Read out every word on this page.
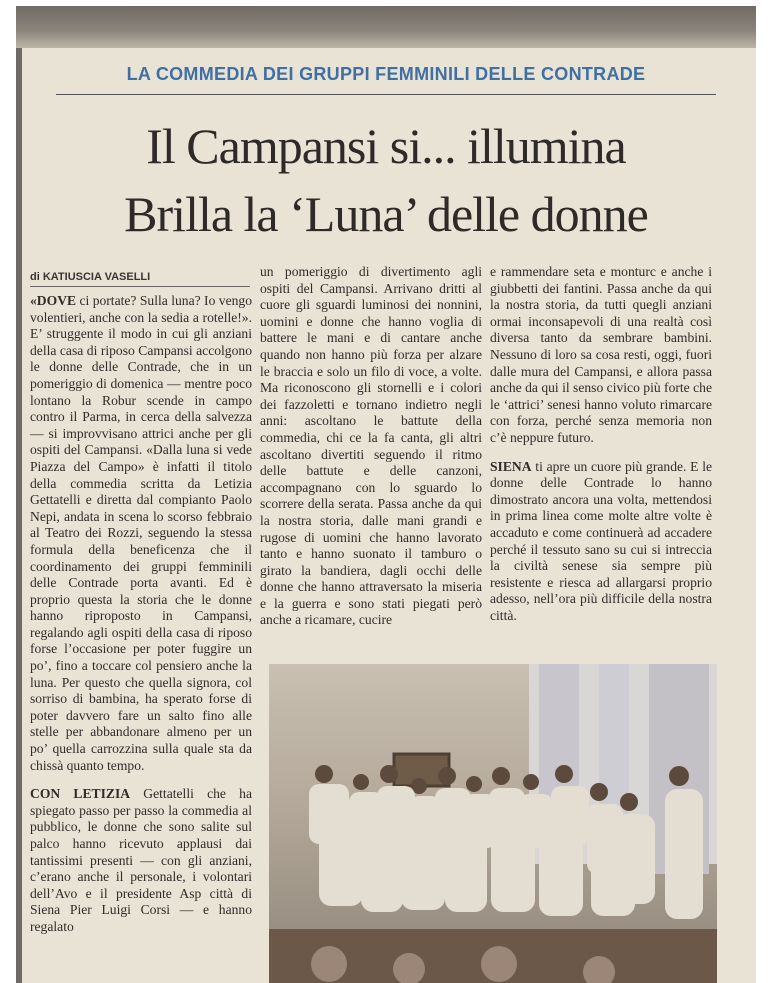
LA COMMEDIA DEI GRUPPI FEMMINILI DELLE CONTRADE
Il Campansi si... illumina
Brilla la ‘Luna’ delle donne
di KATIUSCIA VASELLI

«DOVE ci portate? Sulla luna? Io vengo volentieri, anche con la sedia a rotelle!». E’ struggente il modo in cui gli anziani della casa di riposo Campansi accolgono le donne delle Contrade, che in un pomeriggio di domenica — mentre poco lontano la Robur scende in campo contro il Parma, in cerca della salvezza — si improvvisano attrici anche per gli ospiti del Campansi. «Dalla luna si vede Piazza del Campo» è infatti il titolo della commedia scritta da Letizia Gettatelli e diretta dal compianto Paolo Nepi, andata in scena lo scorso febbraio al Teatro dei Rozzi, seguendo la stessa formula della beneficenza che il coordinamento dei gruppi femminili delle Contrade porta avanti. Ed è proprio questa la storia che le donne hanno riproposto in Campansi, regalando agli ospiti della casa di riposo forse l’occasione per poter fuggire un po’, fino a toccare col pensiero anche la luna. Per questo che quella signora, col sorriso di bambina, ha sperato forse di poter davvero fare un salto fino alle stelle per abbandonare almeno per un po’ quella carrozzina sulla quale sta da chissà quanto tempo.

CON LETIZIA Gettatelli che ha spiegato passo per passo la commedia al pubblico, le donne che sono salite sul palco hanno ricevuto applausi dai tantissimi presenti — con gli anziani, c’erano anche il personale, i volontari dell’Avo e il presidente Asp città di Siena Pier Luigi Corsi — e hanno regalato

un pomeriggio di divertimento agli ospiti del Campansi. Arrivano dritti al cuore gli sguardi luminosi dei nonnini, uomini e donne che hanno voglia di battere le mani e di cantare anche quando non hanno più forza per alzare le braccia e solo un filo di voce, a volte. Ma riconoscono gli stornelli e i colori dei fazzoletti e tornano indietro negli anni: ascoltano le battute della commedia, chi ce la fa canta, gli altri ascoltano divertiti seguendo il ritmo delle battute e delle canzoni, accompagnano con lo sguardo lo scorrere della serata. Passa anche da qui la nostra storia, dalle mani grandi e rugose di uomini che hanno lavorato tanto e hanno suonato il tamburo o girato la bandiera, dagli occhi delle donne che hanno attraversato la miseria e la guerra e sono stati piegati però anche a ricamare, cucire

e rammendare seta e monturc e anche i giubbetti dei fantini. Passa anche da qui la nostra storia, da tutti quegli anziani ormai inconsapevoli di una realtà così diversa tanto da sembrare bambini. Nessuno di loro sa cosa resti, oggi, fuori dalle mura del Campansi, e allora passa anche da qui il senso civico più forte che le ‘attrici’ senesi hanno voluto rimarcare con forza, perché senza memoria non c’è neppure futuro.

SIENA ti apre un cuore più grande. E le donne delle Contrade lo hanno dimostrato ancora una volta, mettendosi in prima linea come molte altre volte è accaduto e come continuerà ad accadere perché il tessuto sano su cui si intreccia la civiltà senese sia sempre più resistente e riesca ad allargarsi proprio adesso, nell’ora più difficile della nostra città.
